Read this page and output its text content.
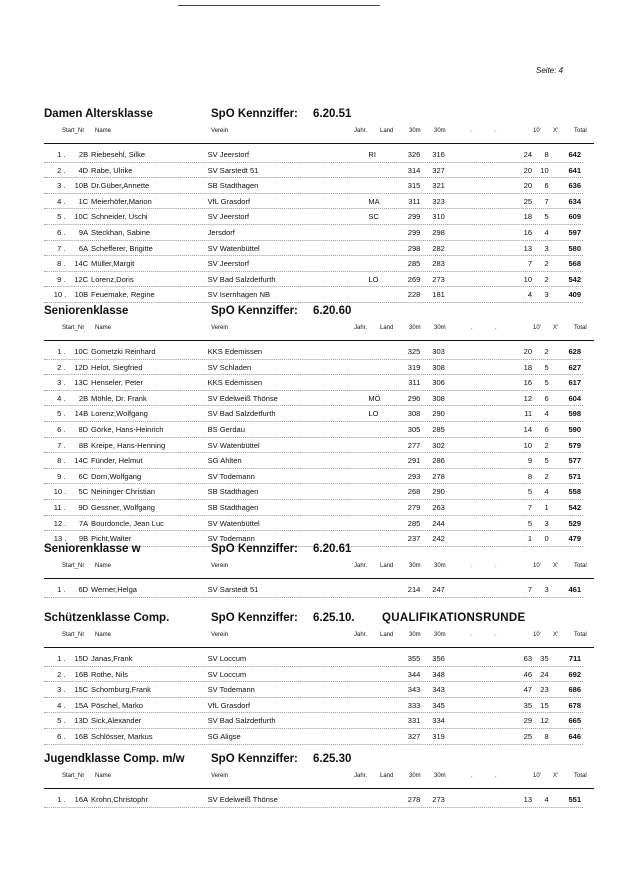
Seite: 4
Damen Altersklasse	SpO Kennziffer: 6.20.51
Start_Nr Name	Verein	Jahr. Land	30m 30m	.	.	10' X'	Total
1 .	2B Riebesehl, Silke	SV Jeerstorf	RI	326	316	24	8	642
2 .	4D Rabe, Ulrike	SV Sarstedt 51	314	327	20 10	641
3 .	10B Dr.Güber,Annette	SB Stadthagen	315	321	20	6	636
4 .	1C Meierhöfer,Marion	VfL Grasdorf	MA	311	323	25	7	634
5 .	10C Schneider, Uschi	SV Jeerstorf	SC	299	310	18	5	609
6 .	9A Steckhan, Sabine	Jersdorf	299	298	16	4	597
7 .	6A Schefferer, Brigitte	SV Watenbüttel	298	282	13	3	580
8 .	14C Müller,Margit	SV Jeerstorf	285	283	7	2	568
9 .	12C Lorenz,Doris	SV Bad Salzdetfurth	LO	269	273	10	2	542
10 .	10B Feuemake, Regine	SV Isernhagen NB	228	181	4	3	409
Seniorenklasse	SpO Kennziffer: 6.20.60
Start_Nr Name	Verein	Jahr. Land	30m 30m	.	.	10' X'	Total
1 .	10C Gometzki Reinhard	KKS Edemissen	325	303	20	2	628
2 .	12D Helot, Siegfried	SV Schladen	319	308	18	5	627
3 .	13C Henseler, Peter	KKS Edemissen	311	306	16	5	617
4 .	2B Möhle, Dr. Frank	SV Edelweiß Thönse	MÖ	296	308	12	6	604
5 .	14B Lorenz,Wolfgang	SV Bad Salzdetfurth	LO	308	290	11	4	598
6 .	8D Görke, Hans-Heinrich	BS Gerdau	305	285	14	6	590
7 .	8B Kreipe, Hans-Henning	SV Watenbüttel	277	302	10	2	579
8 .	14C Fünder, Helmut	SG Ahlten	291	286	9	5	577
9 .	6C Dorn,Wolfgang	SV Todemann	293	278	8	2	571
10 .	5C Neininger Christian	SB Stadthagen	268	290	5	4	558
11 .	9D Gessner, Wolfgang	SB Stadthagen	279	263	7	1	542
12 .	7A Bourdoncle, Jean Luc	SV Watenbüttel	285	244	5	3	529
13 .	9B Picht,Walter	SV Todemann	237	242	1	0	479
Seniorenklasse w	SpO Kennziffer: 6.20.61
Start_Nr Name	Verein	Jahr. Land	30m 30m	.	.	10' X'	Total
1 .	6D Werner,Helga	SV Sarstedt 51	214	247	7	3	461
Schützenklasse Comp.	SpO Kennziffer: 6.25.10. QUALIFIKATIONSRUNDE
Start_Nr Name	Verein	Jahr. Land	30m 30m	.	.	10' X'	Total
1 .	15D Janas,Frank	SV Loccum	355	356	63 35	711
2 .	16B Rothe, Nils	SV Loccum	344	348	46 24	692
3 .	15C Schomburg,Frank	SV Todemann	343	343	47 23	686
4 .	15A Pöschel, Marko	VfL Grasdorf	333	345	35 15	678
5 .	13D Sick,Alexander	SV Bad Salzdetfurth	331	334	29 12	665
6 .	16B Schlösser, Markus	SG Aligse	327	319	25	8	646
Jugendklasse Comp. m/w SpO Kennziffer: 6.25.30
Start_Nr Name	Verein	Jahr. Land	30m 30m	.	.	10' X'	Total
1 .	16A Krohn,Christophr	SV Edelweiß Thönse	278	273	13	4	551
